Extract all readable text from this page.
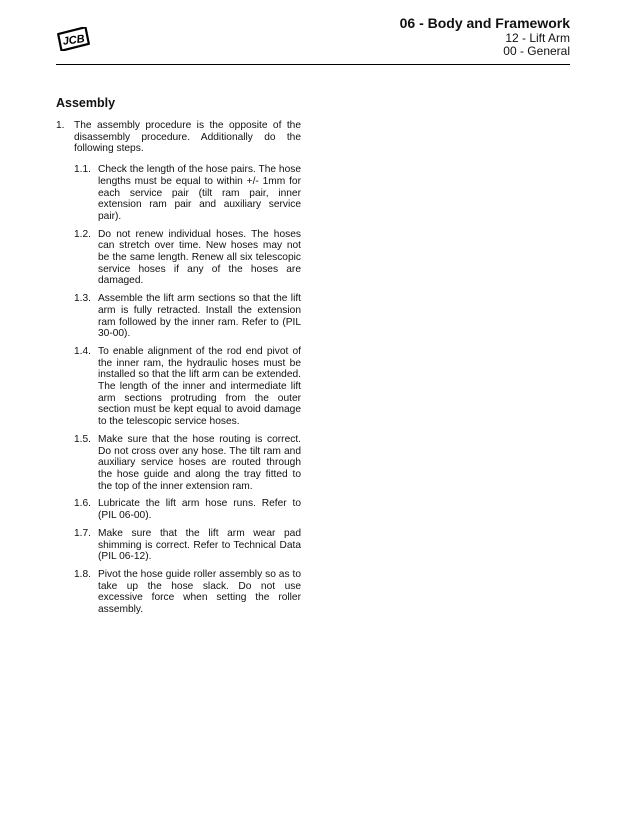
JCB
06 - Body and Framework
12 - Lift Arm
00 - General
Assembly
1. The assembly procedure is the opposite of the disassembly procedure. Additionally do the following steps.
1.1. Check the length of the hose pairs. The hose lengths must be equal to within +/- 1mm for each service pair (tilt ram pair, inner extension ram pair and auxiliary service pair).
1.2. Do not renew individual hoses. The hoses can stretch over time. New hoses may not be the same length. Renew all six telescopic service hoses if any of the hoses are damaged.
1.3. Assemble the lift arm sections so that the lift arm is fully retracted. Install the extension ram followed by the inner ram. Refer to (PIL 30-00).
1.4. To enable alignment of the rod end pivot of the inner ram, the hydraulic hoses must be installed so that the lift arm can be extended. The length of the inner and intermediate lift arm sections protruding from the outer section must be kept equal to avoid damage to the telescopic service hoses.
1.5. Make sure that the hose routing is correct. Do not cross over any hose. The tilt ram and auxiliary service hoses are routed through the hose guide and along the tray fitted to the top of the inner extension ram.
1.6. Lubricate the lift arm hose runs. Refer to (PIL 06-00).
1.7. Make sure that the lift arm wear pad shimming is correct. Refer to Technical Data (PIL 06-12).
1.8. Pivot the hose guide roller assembly so as to take up the hose slack. Do not use excessive force when setting the roller assembly.
